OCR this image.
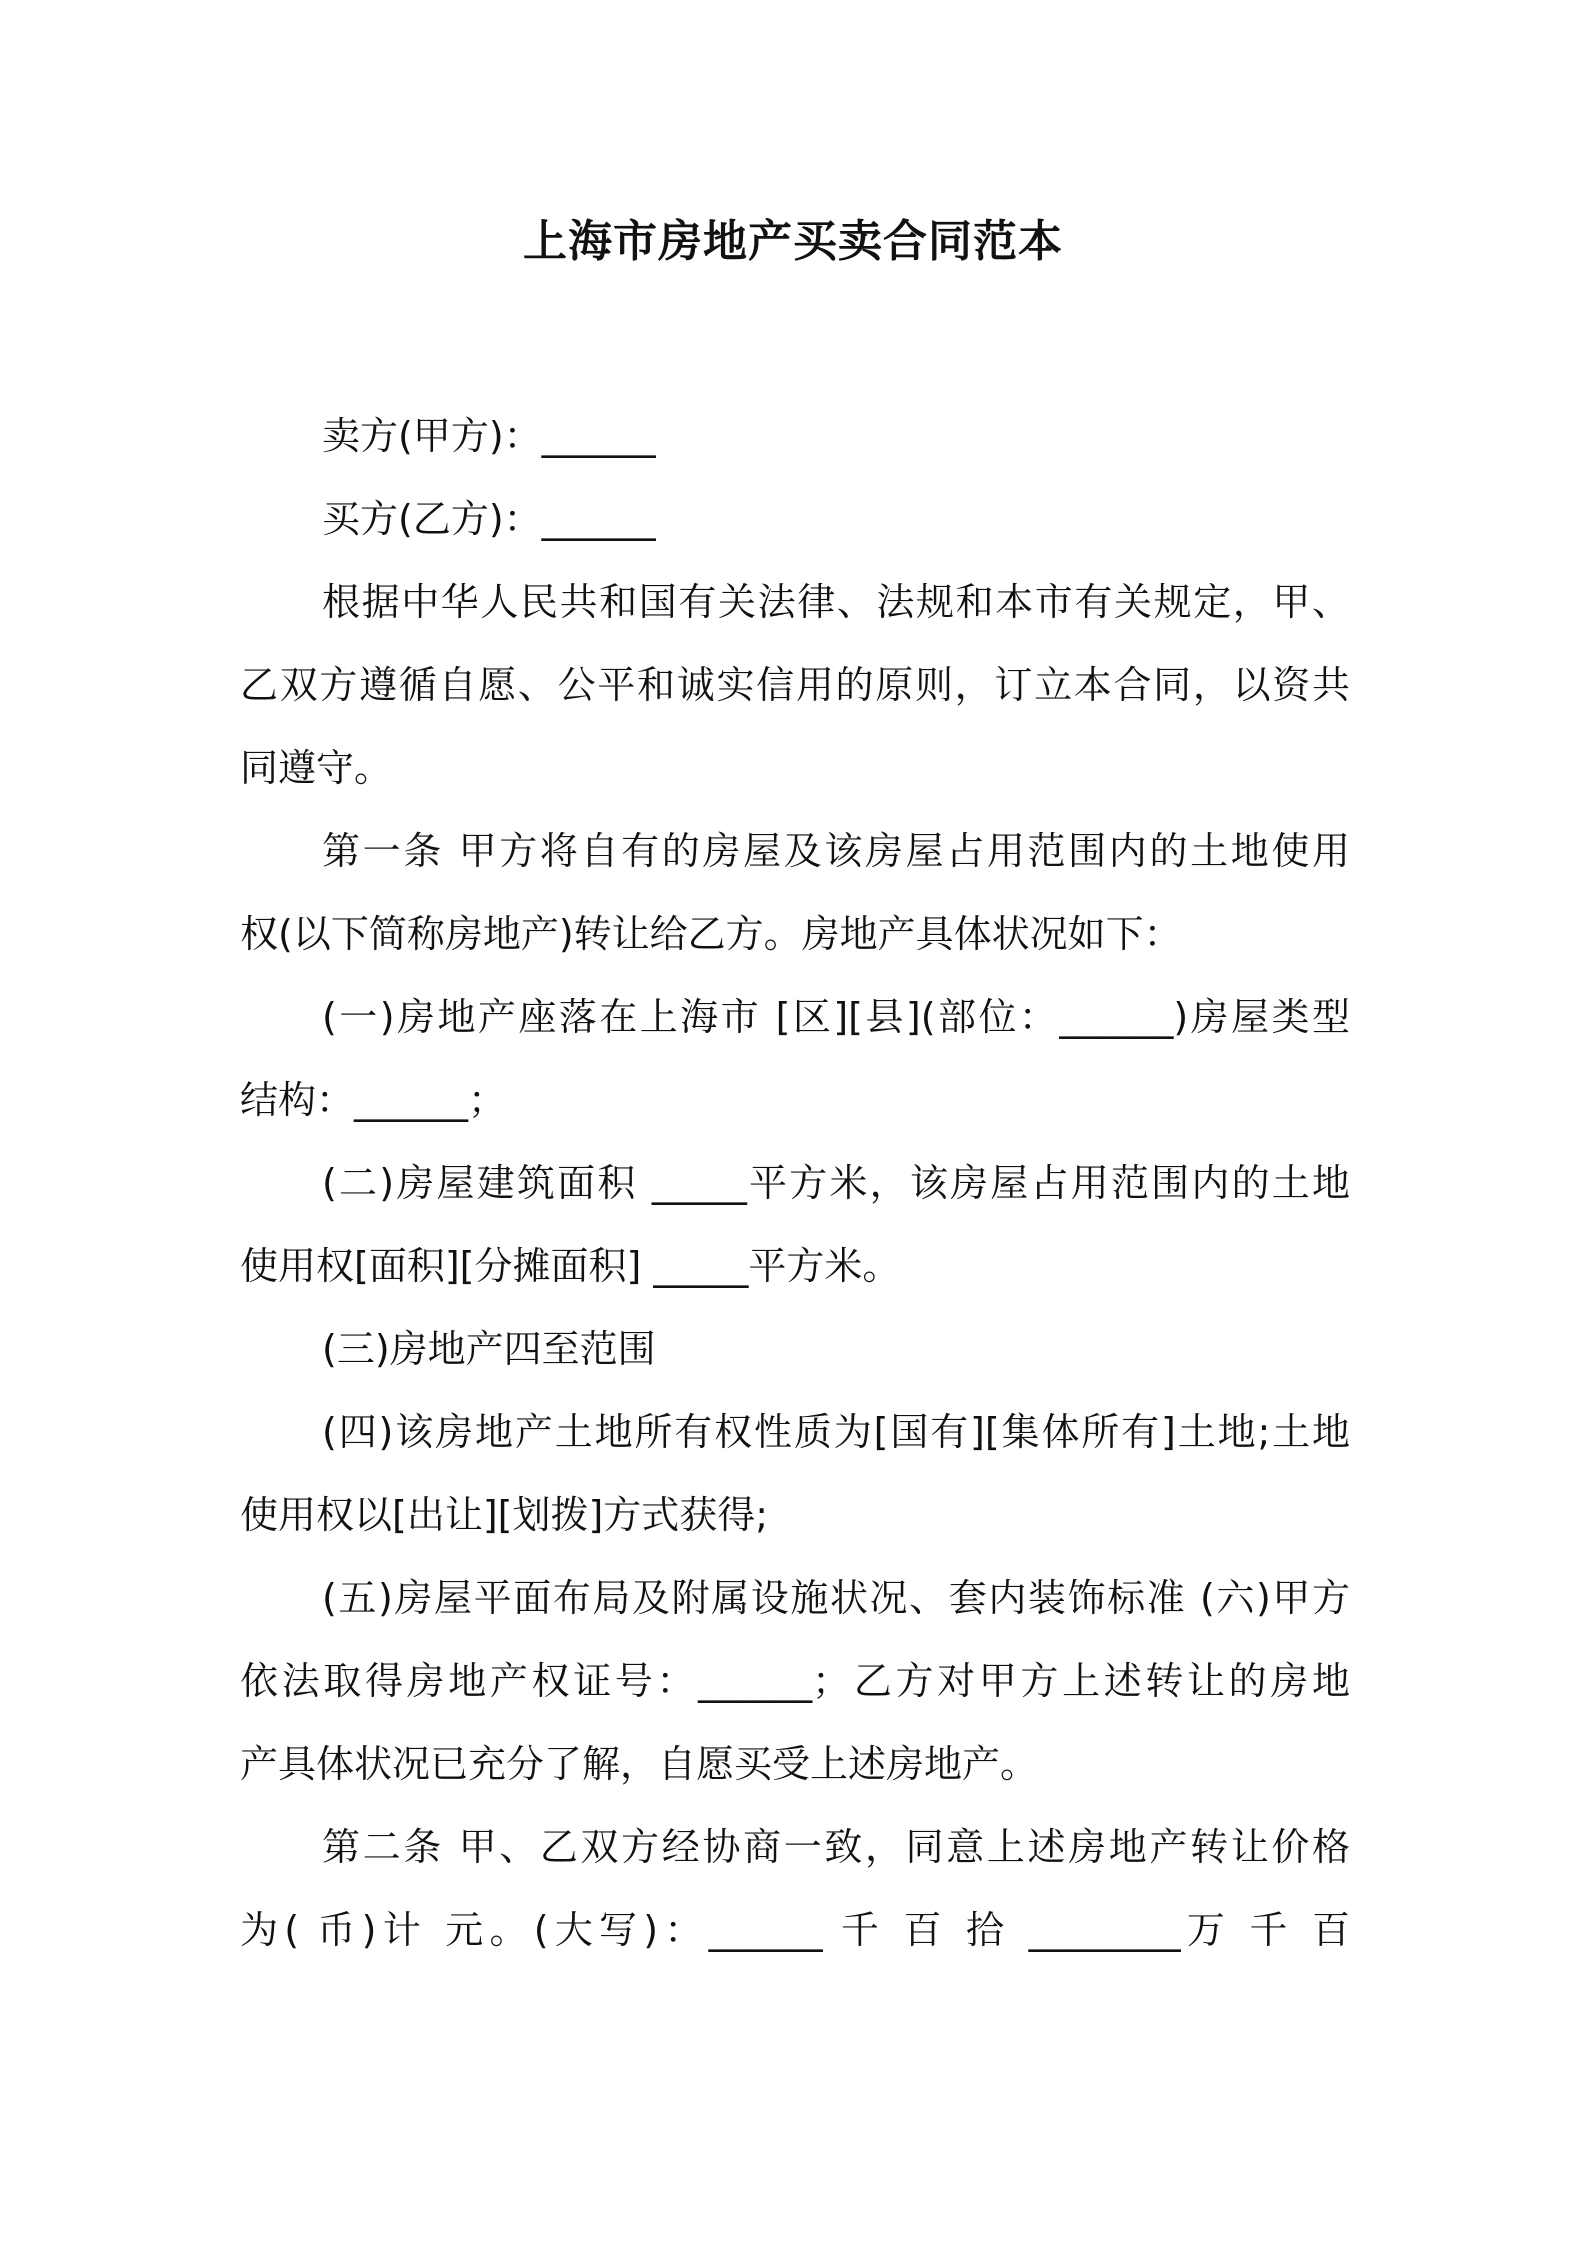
上海市房地产买卖合同范本
卖方(甲方)：______
买方(乙方)：______
根据中华人民共和国有关法律、法规和本市有关规定，甲、
乙双方遵循自愿、公平和诚实信用的原则，订立本合同，以资共
同遵守。
第一条 甲方将自有的房屋及该房屋占用范围内的土地使用
权(以下简称房地产)转让给乙方。房地产具体状况如下：
(一)房地产座落在上海市 [区][县](部位：______)房屋类型
结构：______；
(二)房屋建筑面积 _____平方米，该房屋占用范围内的土地
使用权[面积][分摊面积] _____平方米。
(三)房地产四至范围
(四)该房地产土地所有权性质为[国有][集体所有]土地;土地
使用权以[出让][划拨]方式获得;
(五)房屋平面布局及附属设施状况、套内装饰标准 (六)甲方
依法取得房地产权证号：______；乙方对甲方上述转让的房地
产具体状况已充分了解，自愿买受上述房地产。
第二条 甲、乙双方经协商一致，同意上述房地产转让价格
为( 币)计 元。(大写)：______ 千 百 拾 ________万 千 百
